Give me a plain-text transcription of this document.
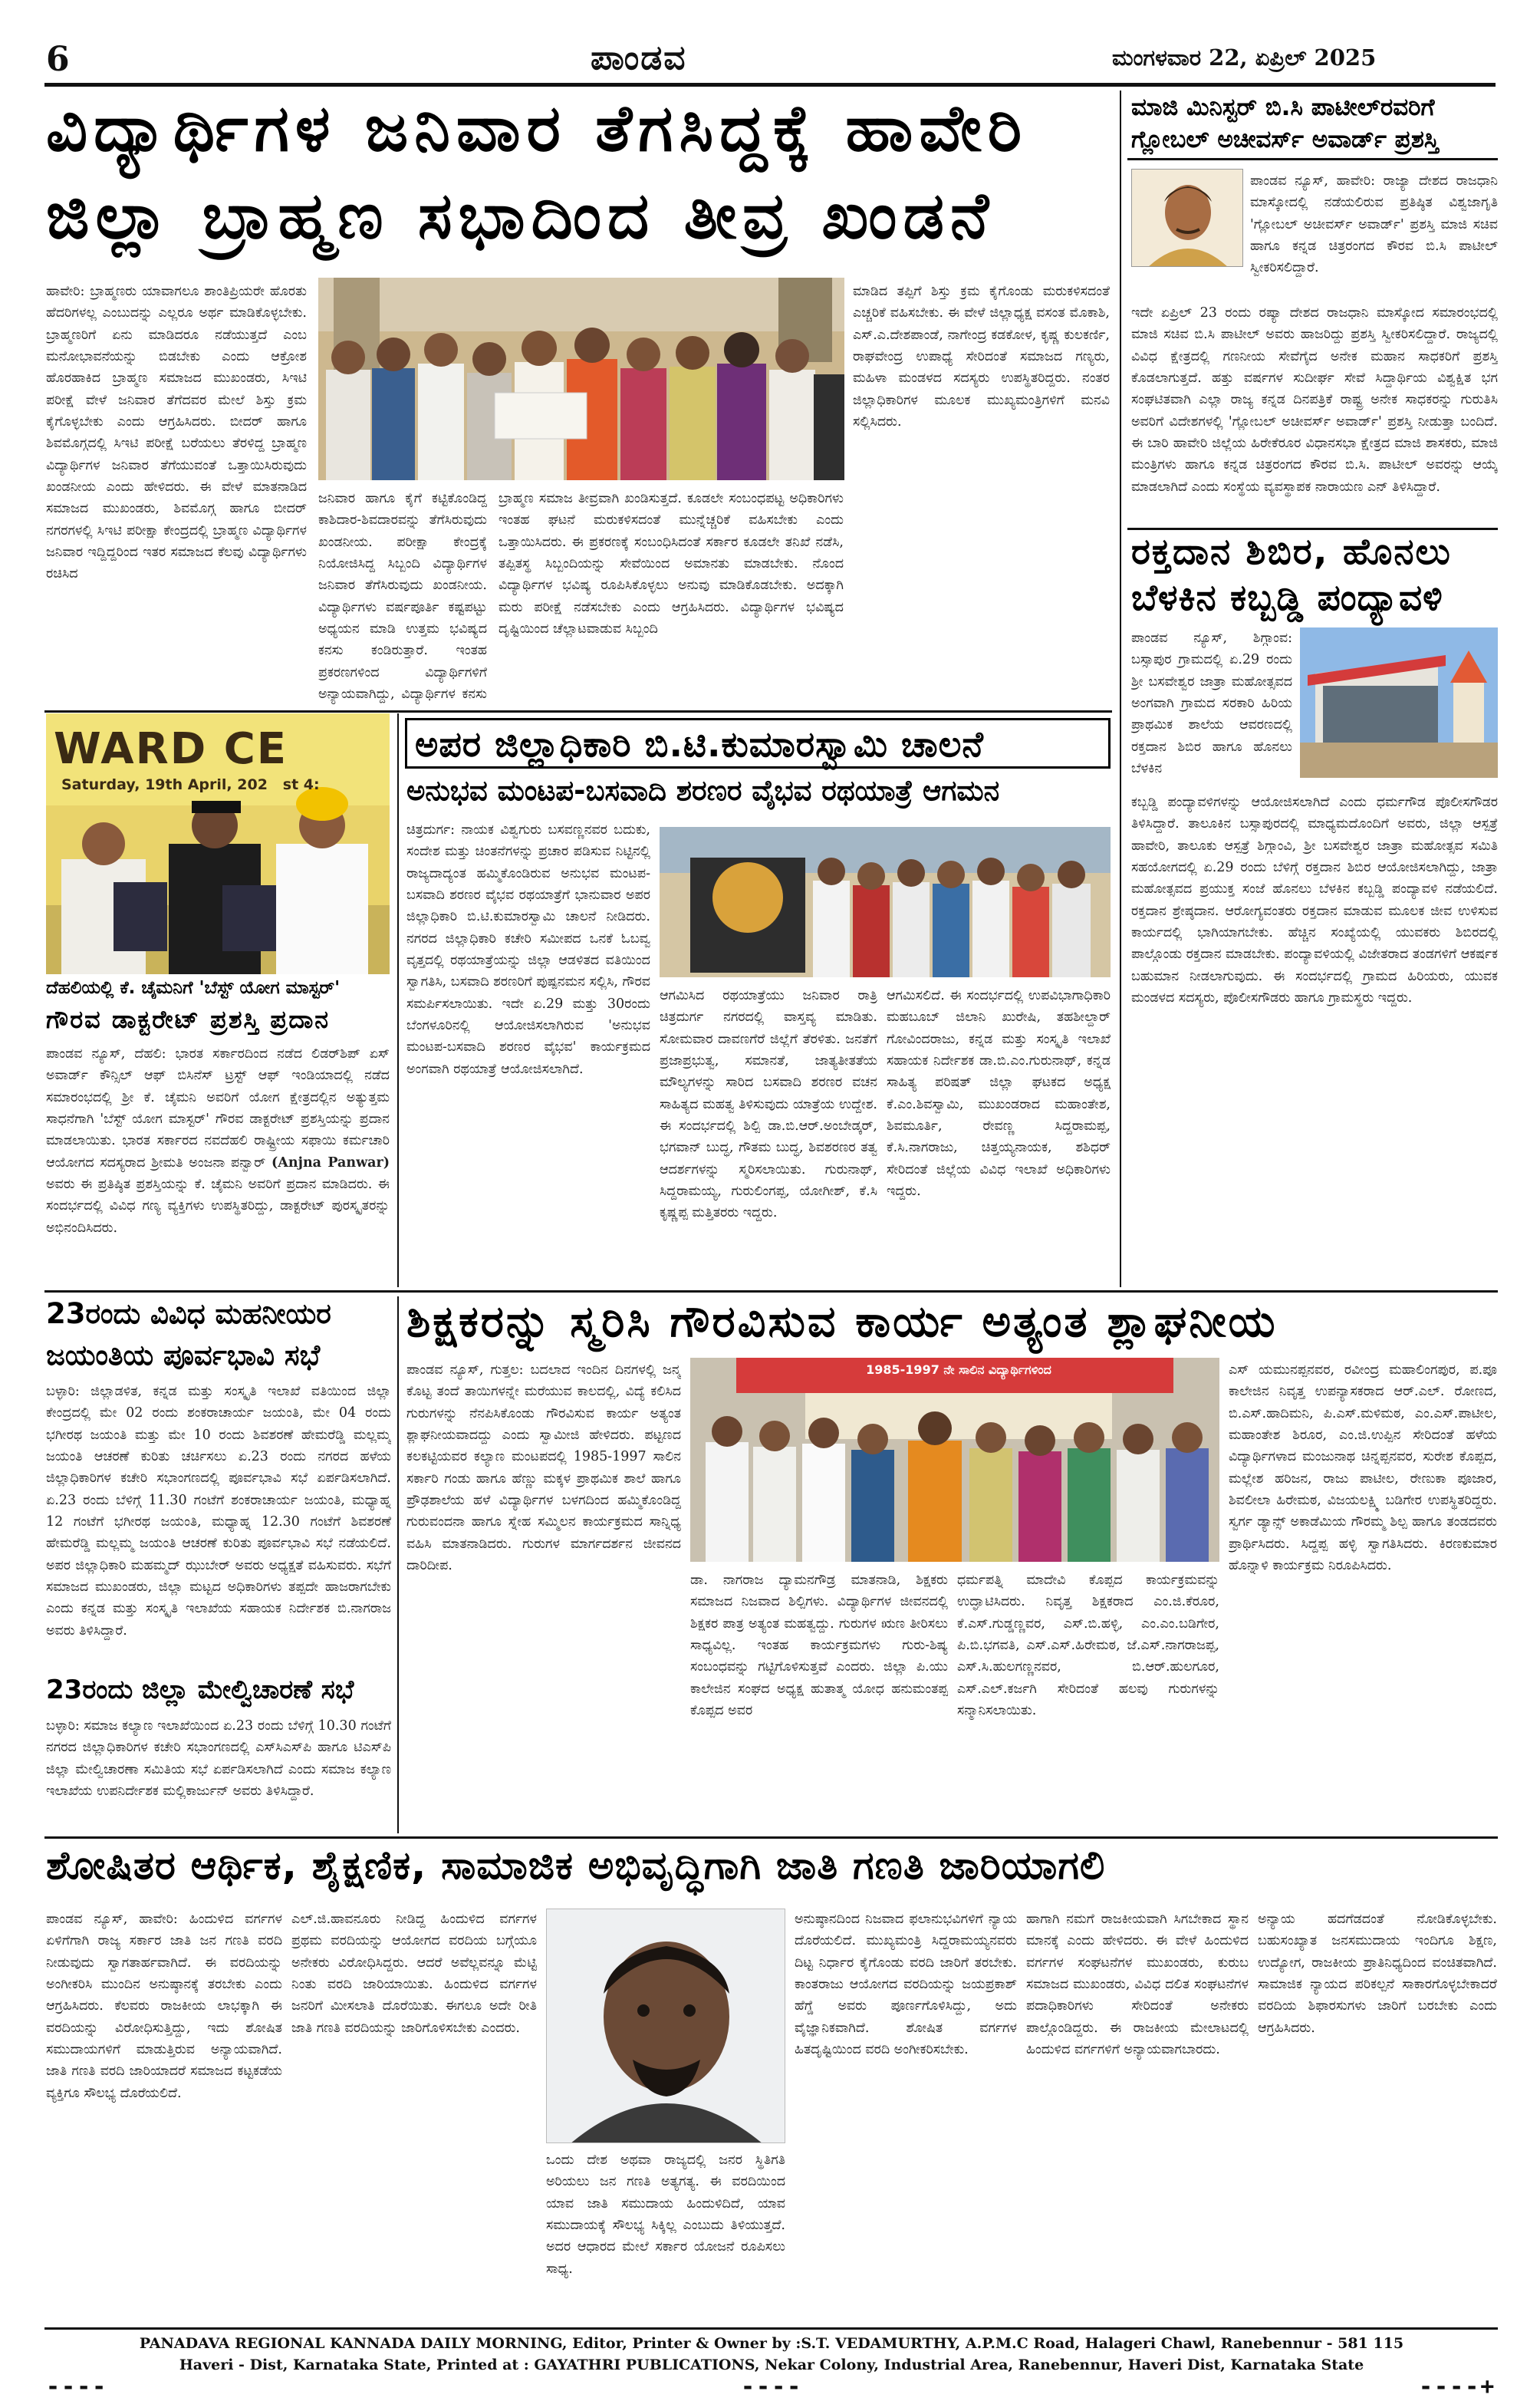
6	ಪಾಂಡವ	ಮಂಗಳವಾರ 22, ಏಪ್ರಿಲ್ 2025
ವಿದ್ಯಾರ್ಥಿಗಳ ಜನಿವಾರ ತೆಗಸಿದ್ದಕ್ಕೆ ಹಾವೇರಿ
ಜಿಲ್ಲಾ ಬ್ರಾಹ್ಮಣ ಸಭಾದಿಂದ ತೀವ್ರ ಖಂಡನೆ
ಹಾವೇರಿ: ಬ್ರಾಹ್ಮಣರು ಯಾವಾಗಲೂ ಶಾಂತಿಪ್ರಿಯರೇ ಹೊರತು ಹೆದರಿಗಳಲ್ಲ ಎಂಬುದನ್ನು ಎಲ್ಲರೂ ಅರ್ಥ ಮಾಡಿಕೊಳ್ಳಬೇಕು. ಬ್ರಾಹ್ಮಣರಿಗೆ ಏನು ಮಾಡಿದರೂ ನಡೆಯುತ್ತದೆ ಎಂಬ ಮನೋಭಾವನೆಯನ್ನು ಬಿಡಬೇಕು ಎಂದು ಆಕ್ರೋಶ ಹೊರಹಾಕಿದ ಬ್ರಾಹ್ಮಣ ಸಮಾಜದ ಮುಖಂಡರು, ಸಿಇಟಿ ಪರೀಕ್ಷೆ ವೇಳೆ ಜನಿವಾರ ತೆಗೆದವರ ಮೇಲೆ ಶಿಸ್ತು ಕ್ರಮ ಕೈಗೊಳ್ಳಬೇಕು ಎಂದು ಆಗ್ರಹಿಸಿದರು. ಬೀದರ್ ಹಾಗೂ ಶಿವಮೊಗ್ಗದಲ್ಲಿ ಸಿಇಟಿ ಪರೀಕ್ಷೆ ಬರೆಯಲು ತೆರಳಿದ್ದ ಬ್ರಾಹ್ಮಣ ವಿದ್ಯಾರ್ಥಿಗಳ ಜನಿವಾರ ತೆಗೆಯುವಂತೆ ಒತ್ತಾಯಿಸಿರುವುದು ಖಂಡನೀಯ ಎಂದು ಹೇಳಿದರು. ಈ ವೇಳೆ ಮಾತನಾಡಿದ ಸಮಾಜದ ಮುಖಂಡರು, ಶಿವಮೊಗ್ಗ ಹಾಗೂ ಬೀದರ್ ನಗರಗಳಲ್ಲಿ ಸಿಇಟಿ ಪರೀಕ್ಷಾ ಕೇಂದ್ರದಲ್ಲಿ ಬ್ರಾಹ್ಮಣ ವಿದ್ಯಾರ್ಥಿಗಳ ಜನಿವಾರ ಇದ್ದಿದ್ದರಿಂದ ಇತರ ಸಮಾಜದ ಕೆಲವು ವಿದ್ಯಾರ್ಥಿಗಳು ರಚಿಸಿದ
ಜನಿವಾರ ಹಾಗೂ ಕೈಗೆ ಕಟ್ಟಿಕೊಂಡಿದ್ದ ಕಾಶಿದಾರ-ಶಿವದಾರವನ್ನು ತೆಗೆಸಿರುವುದು ಖಂಡನೀಯ. ಪರೀಕ್ಷಾ ಕೇಂದ್ರಕ್ಕೆ ನಿಯೋಜಿಸಿದ್ದ ಸಿಬ್ಬಂದಿ ವಿದ್ಯಾರ್ಥಿಗಳ ಜನಿವಾರ ತೆಗೆಸಿರುವುದು ಖಂಡನೀಯ. ವಿದ್ಯಾರ್ಥಿಗಳು ವರ್ಷಪೂರ್ತಿ ಕಷ್ಟಪಟ್ಟು ಅಧ್ಯಯನ ಮಾಡಿ ಉತ್ತಮ ಭವಿಷ್ಯದ ಕನಸು ಕಂಡಿರುತ್ತಾರೆ. ಇಂತಹ ಪ್ರಕರಣಗಳಿಂದ ವಿದ್ಯಾರ್ಥಿಗಳಿಗೆ ಅನ್ಯಾಯವಾಗಿದ್ದು, ವಿದ್ಯಾರ್ಥಿಗಳ ಕನಸು
ಬ್ರಾಹ್ಮಣ ಸಮಾಜ ತೀವ್ರವಾಗಿ ಖಂಡಿಸುತ್ತದೆ. ಕೂಡಲೇ ಸಂಬಂಧಪಟ್ಟ ಅಧಿಕಾರಿಗಳು ಇಂತಹ ಘಟನೆ ಮರುಕಳಿಸದಂತೆ ಮುನ್ನೆಚ್ಚರಿಕೆ ವಹಿಸಬೇಕು ಎಂದು ಒತ್ತಾಯಿಸಿದರು. ಈ ಪ್ರಕರಣಕ್ಕೆ ಸಂಬಂಧಿಸಿದಂತೆ ಸರ್ಕಾರ ಕೂಡಲೇ ತನಿಖೆ ನಡೆಸಿ, ತಪ್ಪಿತಸ್ಥ ಸಿಬ್ಬಂದಿಯನ್ನು ಸೇವೆಯಿಂದ ಅಮಾನತು ಮಾಡಬೇಕು. ನೊಂದ ವಿದ್ಯಾರ್ಥಿಗಳ ಭವಿಷ್ಯ ರೂಪಿಸಿಕೊಳ್ಳಲು ಅನುವು ಮಾಡಿಕೊಡಬೇಕು. ಅದಕ್ಕಾಗಿ ಮರು ಪರೀಕ್ಷೆ ನಡೆಸಬೇಕು ಎಂದು ಆಗ್ರಹಿಸಿದರು. ವಿದ್ಯಾರ್ಥಿಗಳ ಭವಿಷ್ಯದ ದೃಷ್ಟಿಯಿಂದ ಚೆಲ್ಲಾಟವಾಡುವ ಸಿಬ್ಬಂದಿ
ಮಾಡಿದ ತಪ್ಪಿಗೆ ಶಿಸ್ತು ಕ್ರಮ ಕೈಗೊಂಡು ಮರುಕಳಿಸದಂತೆ ಎಚ್ಚರಿಕೆ ವಹಿಸಬೇಕು. ಈ ವೇಳೆ ಜಿಲ್ಲಾಧ್ಯಕ್ಷ ವಸಂತ ಮೊಕಾಶಿ, ಎಸ್.ಎ.ದೇಶಪಾಂಡೆ, ನಾಗೇಂದ್ರ ಕಡಕೋಳ, ಕೃಷ್ಣ ಕುಲಕರ್ಣಿ, ರಾಘವೇಂದ್ರ ಉಪಾಧ್ಯೆ ಸೇರಿದಂತೆ ಸಮಾಜದ ಗಣ್ಯರು, ಮಹಿಳಾ ಮಂಡಳದ ಸದಸ್ಯರು ಉಪಸ್ಥಿತರಿದ್ದರು. ನಂತರ ಜಿಲ್ಲಾಧಿಕಾರಿಗಳ ಮೂಲಕ ಮುಖ್ಯಮಂತ್ರಿಗಳಿಗೆ ಮನವಿ ಸಲ್ಲಿಸಿದರು.
ಮಾಜಿ ಮಿನಿಸ್ಟರ್ ಬಿ.ಸಿ ಪಾಟೀಲ್‌ರವರಿಗೆ ಗ್ಲೋಬಲ್ ಅಚೀವರ್ಸ್ ಅವಾರ್ಡ್ ಪ್ರಶಸ್ತಿ
ಪಾಂಡವ ನ್ಯೂಸ್, ಹಾವೇರಿ: ರಾಜ್ಯಾ ದೇಶದ ರಾಜಧಾನಿ ಮಾಸ್ಕೋದಲ್ಲಿ ನಡೆಯಲಿರುವ ಪ್ರತಿಷ್ಠಿತ ವಿಶ್ವಜಾಗೃತಿ 'ಗ್ಲೋಬಲ್ ಅಚೀವರ್ಸ್ ಅವಾರ್ಡ್' ಪ್ರಶಸ್ತಿ ಮಾಜಿ ಸಚಿವ ಹಾಗೂ ಕನ್ನಡ ಚಿತ್ರರಂಗದ ಕೌರವ ಬಿ.ಸಿ ಪಾಟೀಲ್ ಸ್ವೀಕರಿಸಲಿದ್ದಾರೆ.
ಇದೇ ಏಪ್ರಿಲ್ 23 ರಂದು ರಷ್ಯಾ ದೇಶದ ರಾಜಧಾನಿ ಮಾಸ್ಕೋದ ಸಮಾರಂಭದಲ್ಲಿ ಮಾಜಿ ಸಚಿವ ಬಿ.ಸಿ ಪಾಟೀಲ್ ಅವರು ಹಾಜರಿದ್ದು ಪ್ರಶಸ್ತಿ ಸ್ವೀಕರಿಸಲಿದ್ದಾರೆ. ರಾಜ್ಯದಲ್ಲಿ ವಿವಿಧ ಕ್ಷೇತ್ರದಲ್ಲಿ ಗಣನೀಯ ಸೇವೆಗೈದ ಅನೇಕ ಮಹಾನ ಸಾಧಕರಿಗೆ ಪ್ರಶಸ್ತಿ ಕೊಡಲಾಗುತ್ತದೆ. ಹತ್ತು ವರ್ಷಗಳ ಸುದೀರ್ಘ ಸೇವೆ ಸಿದ್ದಾರ್ಥಿಯ ವಿಶ್ವಕ್ಷಿತ ಭಗ ಸಂಘಟಿತವಾಗಿ ಎಲ್ಲಾ ರಾಜ್ಯ ಕನ್ನಡ ದಿನಪತ್ರಿಕೆ ರಾಷ್ಟ್ರ ಅನೇಕ ಸಾಧಕರನ್ನು ಗುರುತಿಸಿ ಅವರಿಗೆ ವಿದೇಶಗಳಲ್ಲಿ 'ಗ್ಲೋಬಲ್ ಅಚೀವರ್ಸ್ ಅವಾರ್ಡ್' ಪ್ರಶಸ್ತಿ ನೀಡುತ್ತಾ ಬಂದಿದೆ. ಈ ಬಾರಿ ಹಾವೇರಿ ಜಿಲ್ಲೆಯ ಹಿರೇಕೆರೂರ ವಿಧಾನಸಭಾ ಕ್ಷೇತ್ರದ ಮಾಜಿ ಶಾಸಕರು, ಮಾಜಿ ಮಂತ್ರಿಗಳು ಹಾಗೂ ಕನ್ನಡ ಚಿತ್ರರಂಗದ ಕೌರವ ಬಿ.ಸಿ. ಪಾಟೀಲ್ ಅವರನ್ನು ಆಯ್ಕೆ ಮಾಡಲಾಗಿದೆ ಎಂದು ಸಂಸ್ಥೆಯ ವ್ಯವಸ್ಥಾಪಕ ನಾರಾಯಣ ಎನ್ ತಿಳಿಸಿದ್ದಾರೆ.
ರಕ್ತದಾನ ಶಿಬಿರ, ಹೊನಲು
ಬೆಳಕಿನ ಕಬ್ಬಡ್ಡಿ ಪಂದ್ಯಾವಳಿ
ಪಾಂಡವ ನ್ಯೂಸ್, ಶಿಗ್ಗಾಂವ: ಬಸ್ಸಾಪುರ ಗ್ರಾಮದಲ್ಲಿ ಏ.29 ರಂದು ಶ್ರೀ ಬಸವೇಶ್ವರ ಜಾತ್ರಾ ಮಹೋತ್ಸವದ ಅಂಗವಾಗಿ ಗ್ರಾಮದ ಸರಕಾರಿ ಹಿರಿಯ ಪ್ರಾಥಮಿಕ ಶಾಲೆಯ ಆವರಣದಲ್ಲಿ ರಕ್ತದಾನ ಶಿಬಿರ ಹಾಗೂ ಹೊನಲು ಬೆಳಕಿನ
ಕಬ್ಬಡ್ಡಿ ಪಂದ್ಯಾವಳಿಗಳನ್ನು ಆಯೋಜಿಸಲಾಗಿದೆ ಎಂದು ಧರ್ಮಗೌಡ ಪೊಲೀಸಗೌಡರ ತಿಳಿಸಿದ್ದಾರೆ. ತಾಲೂಕಿನ ಬಸ್ಸಾಪುರದಲ್ಲಿ ಮಾಧ್ಯಮದೊಂದಿಗೆ ಅವರು, ಜಿಲ್ಲಾ ಆಸ್ಪತ್ರೆ ಹಾವೇರಿ, ತಾಲೂಕು ಆಸ್ಪತ್ರೆ ಶಿಗ್ಗಾಂವಿ, ಶ್ರೀ ಬಸವೇಶ್ವರ ಜಾತ್ರಾ ಮಹೋತ್ಸವ ಸಮಿತಿ ಸಹಯೋಗದಲ್ಲಿ ಏ.29 ರಂದು ಬೆಳಿಗ್ಗೆ ರಕ್ತದಾನ ಶಿಬಿರ ಆಯೋಜಿಸಲಾಗಿದ್ದು, ಜಾತ್ರಾ ಮಹೋತ್ಸವದ ಪ್ರಯುಕ್ತ ಸಂಜೆ ಹೊನಲು ಬೆಳಕಿನ ಕಬ್ಬಡ್ಡಿ ಪಂದ್ಯಾವಳಿ ನಡೆಯಲಿದೆ. ರಕ್ತದಾನ ಶ್ರೇಷ್ಠದಾನ. ಆರೋಗ್ಯವಂತರು ರಕ್ತದಾನ ಮಾಡುವ ಮೂಲಕ ಜೀವ ಉಳಿಸುವ ಕಾರ್ಯದಲ್ಲಿ ಭಾಗಿಯಾಗಬೇಕು. ಹೆಚ್ಚಿನ ಸಂಖ್ಯೆಯಲ್ಲಿ ಯುವಕರು ಶಿಬಿರದಲ್ಲಿ ಪಾಲ್ಗೊಂಡು ರಕ್ತದಾನ ಮಾಡಬೇಕು. ಪಂದ್ಯಾವಳಿಯಲ್ಲಿ ವಿಜೇತರಾದ ತಂಡಗಳಿಗೆ ಆಕರ್ಷಕ ಬಹುಮಾನ ನೀಡಲಾಗುವುದು. ಈ ಸಂದರ್ಭದಲ್ಲಿ ಗ್ರಾಮದ ಹಿರಿಯರು, ಯುವಕ ಮಂಡಳದ ಸದಸ್ಯರು, ಪೊಲೀಸಗೌಡರು ಹಾಗೂ ಗ್ರಾಮಸ್ಥರು ಇದ್ದರು.
WARD CE
Saturday, 19th April, 202   st 4:
ದೆಹಲಿಯಲ್ಲಿ ಕೆ. ಚೈಮನಿಗೆ 'ಬೆಸ್ಟ್ ಯೋಗ ಮಾಸ್ಟರ್'
ಗೌರವ ಡಾಕ್ಟರೇಟ್ ಪ್ರಶಸ್ತಿ ಪ್ರದಾನ
ಪಾಂಡವ ನ್ಯೂಸ್, ದೆಹಲಿ: ಭಾರತ ಸರ್ಕಾರದಿಂದ ನಡೆದ ಲಿಡರ್‌ಶಿಪ್ ಏಸ್ ಅವಾರ್ಡ್ ಕೌನ್ಸಿಲ್ ಆಫ್ ಬಿಸಿನೆಸ್ ಟ್ರಸ್ಟ್ ಆಫ್ ಇಂಡಿಯಾದಲ್ಲಿ ನಡೆದ ಸಮಾರಂಭದಲ್ಲಿ ಶ್ರೀ ಕೆ. ಚೈಮನಿ ಅವರಿಗೆ ಯೋಗ ಕ್ಷೇತ್ರದಲ್ಲಿನ ಅತ್ಯುತ್ತಮ ಸಾಧನೆಗಾಗಿ 'ಬೆಸ್ಟ್ ಯೋಗ ಮಾಸ್ಟರ್' ಗೌರವ ಡಾಕ್ಟರೇಟ್ ಪ್ರಶಸ್ತಿಯನ್ನು ಪ್ರದಾನ ಮಾಡಲಾಯಿತು. ಭಾರತ ಸರ್ಕಾರದ ನವದೆಹಲಿ ರಾಷ್ಟ್ರೀಯ ಸಫಾಯಿ ಕರ್ಮಚಾರಿ ಆಯೋಗದ ಸದಸ್ಯರಾದ ಶ್ರೀಮತಿ ಅಂಜನಾ ಪನ್ವಾರ್ (Anjna Panwar) ಅವರು ಈ ಪ್ರತಿಷ್ಠಿತ ಪ್ರಶಸ್ತಿಯನ್ನು ಕೆ. ಚೈಮನಿ ಅವರಿಗೆ ಪ್ರದಾನ ಮಾಡಿದರು. ಈ ಸಂದರ್ಭದಲ್ಲಿ ವಿವಿಧ ಗಣ್ಯ ವ್ಯಕ್ತಿಗಳು ಉಪಸ್ಥಿತರಿದ್ದು, ಡಾಕ್ಟರೇಟ್ ಪುರಸ್ಕೃತರನ್ನು ಅಭಿನಂದಿಸಿದರು.
ಅಪರ ಜಿಲ್ಲಾಧಿಕಾರಿ ಬಿ.ಟಿ.ಕುಮಾರಸ್ವಾಮಿ ಚಾಲನೆ
ಅನುಭವ ಮಂಟಪ-ಬಸವಾದಿ ಶರಣರ ವೈಭವ ರಥಯಾತ್ರೆ ಆಗಮನ
ಚಿತ್ರದುರ್ಗ: ನಾಯಕ ವಿಶ್ವಗುರು ಬಸವಣ್ಣನವರ ಬದುಕು, ಸಂದೇಶ ಮತ್ತು ಚಿಂತನೆಗಳನ್ನು ಪ್ರಚಾರ ಪಡಿಸುವ ನಿಟ್ಟಿನಲ್ಲಿ ರಾಜ್ಯದಾದ್ಯಂತ ಹಮ್ಮಿಕೊಂಡಿರುವ ಅನುಭವ ಮಂಟಪ-ಬಸವಾದಿ ಶರಣರ ವೈಭವ ರಥಯಾತ್ರೆಗೆ ಭಾನುವಾರ ಅಪರ ಜಿಲ್ಲಾಧಿಕಾರಿ ಬಿ.ಟಿ.ಕುಮಾರಸ್ವಾಮಿ ಚಾಲನೆ ನೀಡಿದರು. ನಗರದ ಜಿಲ್ಲಾಧಿಕಾರಿ ಕಚೇರಿ ಸಮೀಪದ ಒನಕೆ ಓಬವ್ವ ವೃತ್ತದಲ್ಲಿ ರಥಯಾತ್ರೆಯನ್ನು ಜಿಲ್ಲಾ ಆಡಳಿತದ ವತಿಯಿಂದ ಸ್ವಾಗತಿಸಿ, ಬಸವಾದಿ ಶರಣರಿಗೆ ಪುಷ್ಪನಮನ ಸಲ್ಲಿಸಿ, ಗೌರವ ಸಮರ್ಪಿಸಲಾಯಿತು. ಇದೇ ಏ.29 ಮತ್ತು 30ರಂದು ಬೆಂಗಳೂರಿನಲ್ಲಿ ಆಯೋಜಿಸಲಾಗಿರುವ 'ಅನುಭವ ಮಂಟಪ-ಬಸವಾದಿ ಶರಣರ ವೈಭವ' ಕಾರ್ಯಕ್ರಮದ ಅಂಗವಾಗಿ ರಥಯಾತ್ರೆ ಆಯೋಜಿಸಲಾಗಿದೆ.
ಆಗಮಿಸಿದ ರಥಯಾತ್ರೆಯು ಜನಿವಾರ ರಾತ್ರಿ ಚಿತ್ರದುರ್ಗ ನಗರದಲ್ಲಿ ವಾಸ್ತವ್ಯ ಮಾಡಿತು. ಸೋಮವಾರ ದಾವಣಗೆರೆ ಜಿಲ್ಲೆಗೆ ತೆರಳಿತು. ಜನತೆಗೆ ಪ್ರಜಾಪ್ರಭುತ್ವ, ಸಮಾನತೆ, ಜಾತ್ಯತೀತತೆಯ ಮೌಲ್ಯಗಳನ್ನು ಸಾರಿದ ಬಸವಾದಿ ಶರಣರ ವಚನ ಸಾಹಿತ್ಯದ ಮಹತ್ವ ತಿಳಿಸುವುದು ಯಾತ್ರೆಯ ಉದ್ದೇಶ. ಈ ಸಂದರ್ಭದಲ್ಲಿ ಶಿಲ್ಪಿ ಡಾ.ಬಿ.ಆರ್.ಅಂಬೇಡ್ಕರ್, ಭಗವಾನ್ ಬುದ್ಧ, ಗೌತಮ ಬುದ್ಧ, ಶಿವಶರಣರ ತತ್ವ ಆದರ್ಶಗಳನ್ನು ಸ್ಮರಿಸಲಾಯಿತು. ಗುರುನಾಥ್, ಸಿದ್ದರಾಮಯ್ಯ, ಗುರುಲಿಂಗಪ್ಪ, ಯೋಗೀಶ್, ಕೆ.ಸಿ ಕೃಷ್ಣಪ್ಪ ಮತ್ತಿತರರು ಇದ್ದರು.
ಆಗಮಿಸಲಿದೆ. ಈ ಸಂದರ್ಭದಲ್ಲಿ ಉಪವಿಭಾಗಾಧಿಕಾರಿ ಮಹಬೂಬ್ ಜಿಲಾನಿ ಖುರೇಷಿ, ತಹಶೀಲ್ದಾರ್ ಗೋವಿಂದರಾಜು, ಕನ್ನಡ ಮತ್ತು ಸಂಸ್ಕೃತಿ ಇಲಾಖೆ ಸಹಾಯಕ ನಿರ್ದೇಶಕ ಡಾ.ಬಿ.ಎಂ.ಗುರುನಾಥ್, ಕನ್ನಡ ಸಾಹಿತ್ಯ ಪರಿಷತ್ ಜಿಲ್ಲಾ ಘಟಕದ ಅಧ್ಯಕ್ಷ ಕೆ.ಎಂ.ಶಿವಸ್ವಾಮಿ, ಮುಖಂಡರಾದ ಮಹಾಂತೇಶ, ಶಿವಮೂರ್ತಿ, ರೇವಣ್ಣ ಸಿದ್ದರಾಮಪ್ಪ, ಕೆ.ಸಿ.ನಾಗರಾಜು, ಚಿತ್ತಯ್ಯನಾಯಕ, ಶಶಿಧರ್ ಸೇರಿದಂತೆ ಜಿಲ್ಲೆಯ ವಿವಿಧ ಇಲಾಖೆ ಅಧಿಕಾರಿಗಳು ಇದ್ದರು.
23ರಂದು ವಿವಿಧ ಮಹನೀಯರ
ಜಯಂತಿಯ ಪೂರ್ವಭಾವಿ ಸಭೆ
ಬಳ್ಳಾರಿ: ಜಿಲ್ಲಾಡಳಿತ, ಕನ್ನಡ ಮತ್ತು ಸಂಸ್ಕೃತಿ ಇಲಾಖೆ ವತಿಯಿಂದ ಜಿಲ್ಲಾ ಕೇಂದ್ರದಲ್ಲಿ ಮೇ 02 ರಂದು ಶಂಕರಾಚಾರ್ಯ ಜಯಂತಿ, ಮೇ 04 ರಂದು ಭಗೀರಥ ಜಯಂತಿ ಮತ್ತು ಮೇ 10 ರಂದು ಶಿವಶರಣೆ ಹೇಮರೆಡ್ಡಿ ಮಲ್ಲಮ್ಮ ಜಯಂತಿ ಆಚರಣೆ ಕುರಿತು ಚರ್ಚಿಸಲು ಏ.23 ರಂದು ನಗರದ ಹಳೆಯ ಜಿಲ್ಲಾಧಿಕಾರಿಗಳ ಕಚೇರಿ ಸಭಾಂಗಣದಲ್ಲಿ ಪೂರ್ವಭಾವಿ ಸಭೆ ಏರ್ಪಡಿಸಲಾಗಿದೆ. ಏ.23 ರಂದು ಬೆಳಿಗ್ಗೆ 11.30 ಗಂಟೆಗೆ ಶಂಕರಾಚಾರ್ಯ ಜಯಂತಿ, ಮಧ್ಯಾಹ್ನ 12 ಗಂಟೆಗೆ ಭಗೀರಥ ಜಯಂತಿ, ಮಧ್ಯಾಹ್ನ 12.30 ಗಂಟೆಗೆ ಶಿವಶರಣೆ ಹೇಮರೆಡ್ಡಿ ಮಲ್ಲಮ್ಮ ಜಯಂತಿ ಆಚರಣೆ ಕುರಿತು ಪೂರ್ವಭಾವಿ ಸಭೆ ನಡೆಯಲಿದೆ. ಅಪರ ಜಿಲ್ಲಾಧಿಕಾರಿ ಮಹಮ್ಮದ್ ಝುಬೇರ್ ಅವರು ಅಧ್ಯಕ್ಷತೆ ವಹಿಸುವರು. ಸಭೆಗೆ ಸಮಾಜದ ಮುಖಂಡರು, ಜಿಲ್ಲಾ ಮಟ್ಟದ ಅಧಿಕಾರಿಗಳು ತಪ್ಪದೇ ಹಾಜರಾಗಬೇಕು ಎಂದು ಕನ್ನಡ ಮತ್ತು ಸಂಸ್ಕೃತಿ ಇಲಾಖೆಯ ಸಹಾಯಕ ನಿರ್ದೇಶಕ ಬಿ.ನಾಗರಾಜ ಅವರು ತಿಳಿಸಿದ್ದಾರೆ.
23ರಂದು ಜಿಲ್ಲಾ ಮೇಲ್ವಿಚಾರಣೆ ಸಭೆ
ಬಳ್ಳಾರಿ: ಸಮಾಜ ಕಲ್ಯಾಣ ಇಲಾಖೆಯಿಂದ ಏ.23 ರಂದು ಬೆಳಿಗ್ಗೆ 10.30 ಗಂಟೆಗೆ ನಗರದ ಜಿಲ್ಲಾಧಿಕಾರಿಗಳ ಕಚೇರಿ ಸಭಾಂಗಣದಲ್ಲಿ ಎಸ್‌ಸಿಎಸ್‌ಪಿ ಹಾಗೂ ಟಿಎಸ್‌ಪಿ ಜಿಲ್ಲಾ ಮೇಲ್ವಿಚಾರಣಾ ಸಮಿತಿಯ ಸಭೆ ಏರ್ಪಡಿಸಲಾಗಿದೆ ಎಂದು ಸಮಾಜ ಕಲ್ಯಾಣ ಇಲಾಖೆಯ ಉಪನಿರ್ದೇಶಕ ಮಲ್ಲಿಕಾರ್ಜುನ್ ಅವರು ತಿಳಿಸಿದ್ದಾರೆ.
ಶಿಕ್ಷಕರನ್ನು ಸ್ಮರಿಸಿ ಗೌರವಿಸುವ ಕಾರ್ಯ ಅತ್ಯಂತ ಶ್ಲಾಘನೀಯ
ಪಾಂಡವ ನ್ಯೂಸ್, ಗುತ್ತಲ: ಬದಲಾದ ಇಂದಿನ ದಿನಗಳಲ್ಲಿ ಜನ್ಮ ಕೊಟ್ಟ ತಂದೆ ತಾಯಿಗಳನ್ನೇ ಮರೆಯುವ ಕಾಲದಲ್ಲಿ, ವಿದ್ಯೆ ಕಲಿಸಿದ ಗುರುಗಳನ್ನು ನೆನಪಿಸಿಕೊಂಡು ಗೌರವಿಸುವ ಕಾರ್ಯ ಅತ್ಯಂತ ಶ್ಲಾಘನೀಯವಾದದ್ದು ಎಂದು ಸ್ವಾಮೀಜಿ ಹೇಳಿದರು. ಪಟ್ಟಣದ ಕಲಕಟ್ಟಿಯವರ ಕಲ್ಯಾಣ ಮಂಟಪದಲ್ಲಿ 1985-1997 ಸಾಲಿನ ಸರ್ಕಾರಿ ಗಂಡು ಹಾಗೂ ಹೆಣ್ಣು ಮಕ್ಕಳ ಪ್ರಾಥಮಿಕ ಶಾಲೆ ಹಾಗೂ ಪ್ರೌಢಶಾಲೆಯ ಹಳೆ ವಿದ್ಯಾರ್ಥಿಗಳ ಬಳಗದಿಂದ ಹಮ್ಮಿಕೊಂಡಿದ್ದ ಗುರುವಂದನಾ ಹಾಗೂ ಸ್ನೇಹ ಸಮ್ಮಿಲನ ಕಾರ್ಯಕ್ರಮದ ಸಾನ್ನಿಧ್ಯ ವಹಿಸಿ ಮಾತನಾಡಿದರು. ಗುರುಗಳ ಮಾರ್ಗದರ್ಶನ ಜೀವನದ ದಾರಿದೀಪ.
1985-1997 ನೇ ಸಾಲಿನ ವಿದ್ಯಾರ್ಥಿಗಳಿಂದ
ಡಾ. ನಾಗರಾಜ ದ್ಯಾಮನಗೌಡ್ರ ಮಾತನಾಡಿ, ಶಿಕ್ಷಕರು ಸಮಾಜದ ನಿಜವಾದ ಶಿಲ್ಪಿಗಳು. ವಿದ್ಯಾರ್ಥಿಗಳ ಜೀವನದಲ್ಲಿ ಶಿಕ್ಷಕರ ಪಾತ್ರ ಅತ್ಯಂತ ಮಹತ್ವದ್ದು. ಗುರುಗಳ ಋಣ ತೀರಿಸಲು ಸಾಧ್ಯವಿಲ್ಲ. ಇಂತಹ ಕಾರ್ಯಕ್ರಮಗಳು ಗುರು-ಶಿಷ್ಯ ಸಂಬಂಧವನ್ನು ಗಟ್ಟಿಗೊಳಿಸುತ್ತವೆ ಎಂದರು. ಜಿಲ್ಲಾ ಪಿ.ಯು ಕಾಲೇಜಿನ ಸಂಘದ ಅಧ್ಯಕ್ಷ ಹುತಾತ್ಮ ಯೋಧ ಹನುಮಂತಪ್ಪ ಕೊಪ್ಪದ ಅವರ
ಧರ್ಮಪತ್ನಿ ಮಾದೇವಿ ಕೊಪ್ಪದ ಕಾರ್ಯಕ್ರಮವನ್ನು ಉದ್ಘಾಟಿಸಿದರು. ನಿವೃತ್ತ ಶಿಕ್ಷಕರಾದ ಎಂ.ಜಿ.ಕೆರೂರ, ಕೆ.ಎಸ್.ಗುಡ್ಡಣ್ಣವರ, ಎಸ್.ಬಿ.ಹಳ್ಳಿ, ಎಂ.ಎಂ.ಬಡಿಗೇರ, ಪಿ.ಬಿ.ಭಗವತಿ, ಎಸ್.ಎಸ್.ಹಿರೇಮಠ, ಜೆ.ಎಸ್.ನಾಗರಾಜಪ್ಪ, ಎಸ್.ಸಿ.ಹುಲಗಣ್ಣನವರ, ಬಿ.ಆರ್.ಹುಲಗೂರ, ಎಸ್.ಎಲ್.ಕರ್ಜಗಿ ಸೇರಿದಂತೆ ಹಲವು ಗುರುಗಳನ್ನು ಸನ್ಮಾನಿಸಲಾಯಿತು.
ಎಸ್ ಯಮುನಪ್ಪನವರ, ರವೀಂದ್ರ ಮಹಾಲಿಂಗಪುರ, ಪ.ಪೂ ಕಾಲೇಜಿನ ನಿವೃತ್ತ ಉಪನ್ಯಾಸಕರಾದ ಆರ್.ಎಲ್. ರೋಣದ, ಬಿ.ಎಸ್.ಹಾದಿಮನಿ, ಪಿ.ಎಸ್.ಮಳಿಮಠ, ಎಂ.ಎಸ್.ಪಾಟೀಲ, ಮಹಾಂತೇಶ ಶಿರೂರ, ಎಂ.ಜಿ.ಉಪ್ಪಿನ ಸೇರಿದಂತೆ ಹಳೆಯ ವಿದ್ಯಾರ್ಥಿಗಳಾದ ಮಂಜುನಾಥ ಚಿನ್ನಪ್ಪನವರ, ಸುರೇಶ ಕೊಪ್ಪದ, ಮಲ್ಲೇಶ ಹರಿಜನ, ರಾಜು ಪಾಟೀಲ, ರೇಣುಕಾ ಪೂಜಾರ, ಶಿವಲೀಲಾ ಹಿರೇಮಠ, ವಿಜಯಲಕ್ಷ್ಮಿ ಬಡಿಗೇರ ಉಪಸ್ಥಿತರಿದ್ದರು. ಸ್ವರ್ಗ ಡ್ಯಾನ್ಸ್ ಅಕಾಡೆಮಿಯ ಗೌರಮ್ಮ ಶಿಲ್ಪ ಹಾಗೂ ತಂಡದವರು ಪ್ರಾರ್ಥಿಸಿದರು. ಸಿದ್ದಪ್ಪ ಹಳ್ಳಿ ಸ್ವಾಗತಿಸಿದರು. ಕಿರಣಕುಮಾರ ಹೊನ್ನಾಳಿ ಕಾರ್ಯಕ್ರಮ ನಿರೂಪಿಸಿದರು.
ಶೋಷಿತರ ಆರ್ಥಿಕ, ಶೈಕ್ಷಣಿಕ, ಸಾಮಾಜಿಕ ಅಭಿವೃದ್ಧಿಗಾಗಿ ಜಾತಿ ಗಣತಿ ಜಾರಿಯಾಗಲಿ
ಪಾಂಡವ ನ್ಯೂಸ್, ಹಾವೇರಿ: ಹಿಂದುಳಿದ ವರ್ಗಗಳ ಏಳಿಗೆಗಾಗಿ ರಾಜ್ಯ ಸರ್ಕಾರ ಜಾತಿ ಜನ ಗಣತಿ ವರದಿ ನೀಡುವುದು ಸ್ವಾಗತಾರ್ಹವಾಗಿದೆ. ಈ ವರದಿಯನ್ನು ಅಂಗೀಕರಿಸಿ ಮುಂದಿನ ಅನುಷ್ಠಾನಕ್ಕೆ ತರಬೇಕು ಎಂದು ಆಗ್ರಹಿಸಿದರು. ಕೆಲವರು ರಾಜಕೀಯ ಲಾಭಕ್ಕಾಗಿ ಈ ವರದಿಯನ್ನು ವಿರೋಧಿಸುತ್ತಿದ್ದು, ಇದು ಶೋಷಿತ ಸಮುದಾಯಗಳಿಗೆ ಮಾಡುತ್ತಿರುವ ಅನ್ಯಾಯವಾಗಿದೆ. ಜಾತಿ ಗಣತಿ ವರದಿ ಜಾರಿಯಾದರೆ ಸಮಾಜದ ಕಟ್ಟಕಡೆಯ ವ್ಯಕ್ತಿಗೂ ಸೌಲಭ್ಯ ದೊರೆಯಲಿದೆ.
ಎಲ್.ಜಿ.ಹಾವನೂರು ನೀಡಿದ್ದ ಹಿಂದುಳಿದ ವರ್ಗಗಳ ಪ್ರಥಮ ವರದಿಯನ್ನು ಆಯೋಗದ ವರದಿಯ ಬಗ್ಗೆಯೂ ಅನೇಕರು ವಿರೋಧಿಸಿದ್ದರು. ಆದರೆ ಅವೆಲ್ಲವನ್ನೂ ಮೆಟ್ಟಿ ನಿಂತು ವರದಿ ಜಾರಿಯಾಯಿತು. ಹಿಂದುಳಿದ ವರ್ಗಗಳ ಜನರಿಗೆ ಮೀಸಲಾತಿ ದೊರೆಯಿತು. ಈಗಲೂ ಅದೇ ರೀತಿ ಜಾತಿ ಗಣತಿ ವರದಿಯನ್ನು ಜಾರಿಗೊಳಿಸಬೇಕು ಎಂದರು.
ಒಂದು ದೇಶ ಅಥವಾ ರಾಜ್ಯದಲ್ಲಿ ಜನರ ಸ್ಥಿತಿಗತಿ ಅರಿಯಲು ಜನ ಗಣತಿ ಅತ್ಯಗತ್ಯ. ಈ ವರದಿಯಿಂದ ಯಾವ ಜಾತಿ ಸಮುದಾಯ ಹಿಂದುಳಿದಿದೆ, ಯಾವ ಸಮುದಾಯಕ್ಕೆ ಸೌಲಭ್ಯ ಸಿಕ್ಕಿಲ್ಲ ಎಂಬುದು ತಿಳಿಯುತ್ತದೆ. ಅದರ ಆಧಾರದ ಮೇಲೆ ಸರ್ಕಾರ ಯೋಜನೆ ರೂಪಿಸಲು ಸಾಧ್ಯ.
ಅನುಷ್ಠಾನದಿಂದ ನಿಜವಾದ ಫಲಾನುಭವಿಗಳಿಗೆ ನ್ಯಾಯ ದೊರೆಯಲಿದೆ. ಮುಖ್ಯಮಂತ್ರಿ ಸಿದ್ದರಾಮಯ್ಯನವರು ದಿಟ್ಟ ನಿರ್ಧಾರ ಕೈಗೊಂಡು ವರದಿ ಜಾರಿಗೆ ತರಬೇಕು. ಕಾಂತರಾಜು ಆಯೋಗದ ವರದಿಯನ್ನು ಜಯಪ್ರಕಾಶ್ ಹೆಗ್ಡೆ ಅವರು ಪೂರ್ಣಗೊಳಿಸಿದ್ದು, ಅದು ವೈಜ್ಞಾನಿಕವಾಗಿದೆ. ಶೋಷಿತ ವರ್ಗಗಳ ಹಿತದೃಷ್ಟಿಯಿಂದ ವರದಿ ಅಂಗೀಕರಿಸಬೇಕು.
ಹಾಗಾಗಿ ನಮಗೆ ರಾಜಕೀಯವಾಗಿ ಸಿಗಬೇಕಾದ ಸ್ಥಾನ ಮಾನಕ್ಕೆ ಎಂದು ಹೇಳಿದರು. ಈ ವೇಳೆ ಹಿಂದುಳಿದ ವರ್ಗಗಳ ಸಂಘಟನೆಗಳ ಮುಖಂಡರು, ಕುರುಬ ಸಮಾಜದ ಮುಖಂಡರು, ವಿವಿಧ ದಲಿತ ಸಂಘಟನೆಗಳ ಪದಾಧಿಕಾರಿಗಳು ಸೇರಿದಂತೆ ಅನೇಕರು ಪಾಲ್ಗೊಂಡಿದ್ದರು. ಈ ರಾಜಕೀಯ ಮೇಲಾಟದಲ್ಲಿ ಹಿಂದುಳಿದ ವರ್ಗಗಳಿಗೆ ಅನ್ಯಾಯವಾಗಬಾರದು.
ಅನ್ಯಾಯ ಹದಗೆಡದಂತೆ ನೋಡಿಕೊಳ್ಳಬೇಕು. ಬಹುಸಂಖ್ಯಾತ ಜನಸಮುದಾಯ ಇಂದಿಗೂ ಶಿಕ್ಷಣ, ಉದ್ಯೋಗ, ರಾಜಕೀಯ ಪ್ರಾತಿನಿಧ್ಯದಿಂದ ವಂಚಿತವಾಗಿದೆ. ಸಾಮಾಜಿಕ ನ್ಯಾಯದ ಪರಿಕಲ್ಪನೆ ಸಾಕಾರಗೊಳ್ಳಬೇಕಾದರೆ ವರದಿಯ ಶಿಫಾರಸುಗಳು ಜಾರಿಗೆ ಬರಬೇಕು ಎಂದು ಆಗ್ರಹಿಸಿದರು.
PANADAVA REGIONAL KANNADA DAILY MORNING, Editor, Printer & Owner by :S.T. VEDAMURTHY, A.P.M.C Road, Halageri Chawl, Ranebennur - 581 115
Haveri - Dist, Karnataka State, Printed at : GAYATHRI PUBLICATIONS, Nekar Colony, Industrial Area, Ranebennur, Haveri Dist, Karnataka State
----	----	----+
